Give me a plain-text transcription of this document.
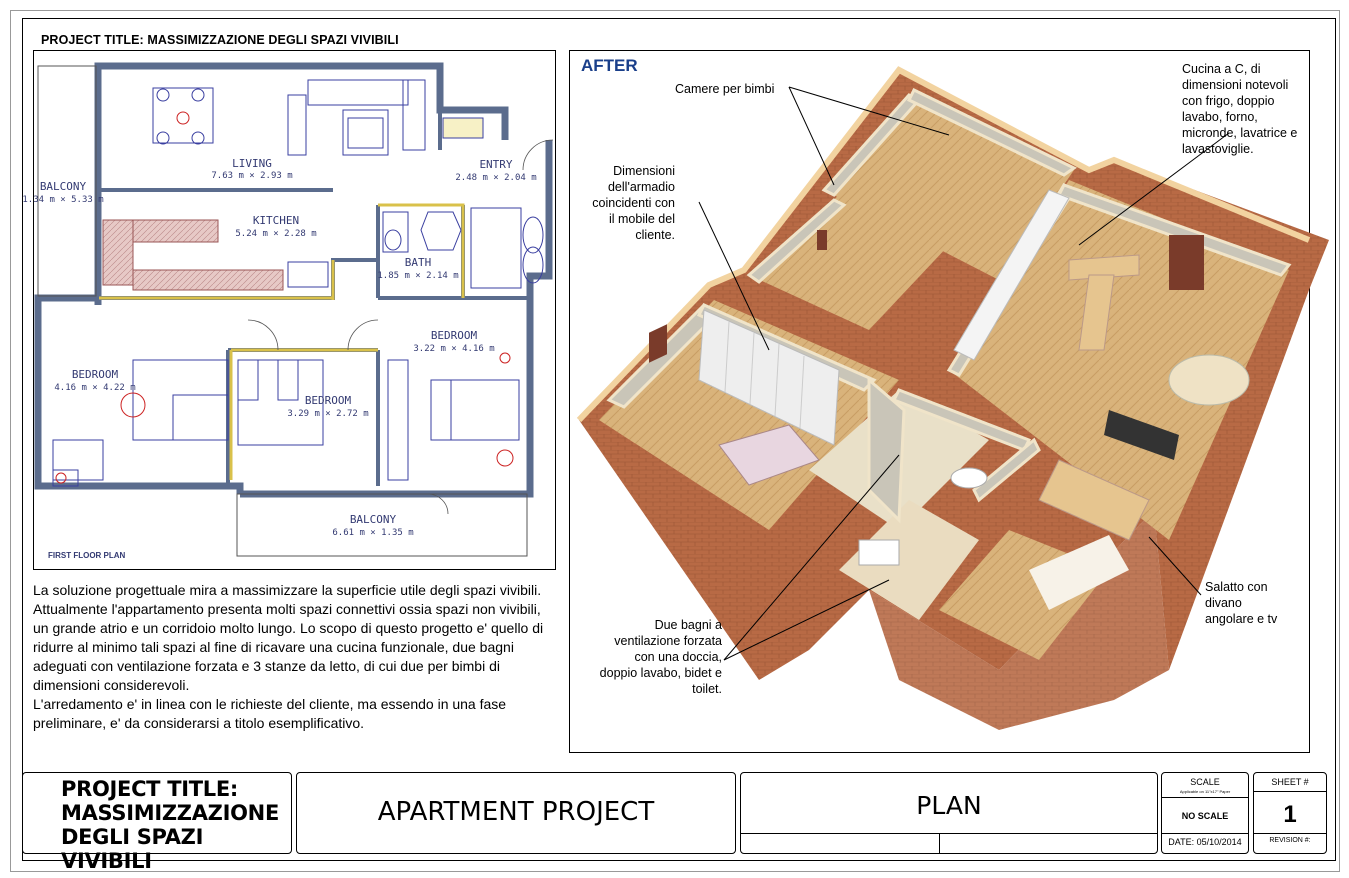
PROJECT TITLE: MASSIMIZZAZIONE DEGLI SPAZI VIVIBILI
LIVING
7.63 m × 2.93 m
ENTRY
2.48 m × 2.04 m
BALCONY
1.34 m × 5.33 m
KITCHEN
5.24 m × 2.28 m
BATH
1.85 m × 2.14 m
BEDROOM
3.22 m × 4.16 m
BEDROOM
4.16 m × 4.22 m
BEDROOM
3.29 m × 2.72 m
BALCONY
6.61 m × 1.35 m
FIRST FLOOR PLAN

La soluzione progettuale mira a massimizzare la superficie utile degli spazi vivibili.

Attualmente l'appartamento presenta molti spazi connettivi ossia spazi non vivibili, un grande atrio e un corridoio molto lungo. Lo scopo di questo progetto e' quello di ridurre al minimo tali spazi al fine di ricavare una cucina funzionale, due bagni adeguati con ventilazione forzata e 3 stanze da letto, di cui due per bimbi di dimensioni considerevoli.

L'arredamento e' in linea con le richieste del cliente, ma essendo in una fase preliminare, e' da considerarsi a titolo esemplificativo.

AFTER
Camere per bimbi
Dimensioni
dell'armadio
coincidenti con
il mobile del
cliente.
Cucina a C, di
dimensioni notevoli
con frigo, doppio
lavabo, forno,
micronde, lavatrice e
lavastoviglie.
Salatto con
divano
angolare e tv
Due bagni a
ventilazione forzata
con una doccia,
doppio lavabo, bidet e
toilet.
PROJECT TITLE:
MASSIMIZZAZIONE
DEGLI SPAZI VIVIBILI
APARTMENT PROJECT	PLAN
SCALE
Applicable on 11"x17" Paper
NO SCALE
DATE: 05/10/2014
SHEET #
1
REVISION #:
